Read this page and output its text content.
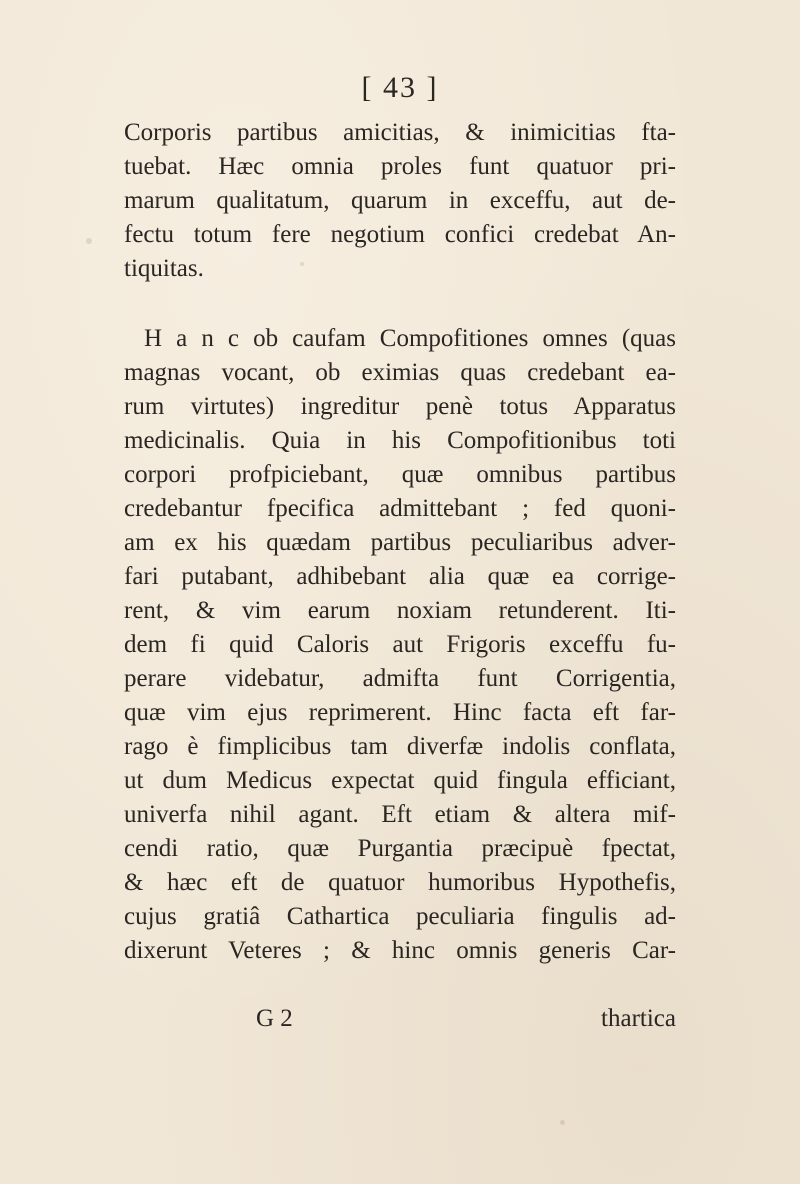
[ 43 ]
Corporis partibus amicitias, & inimicitias fta-
tuebat. Hæc omnia proles funt quatuor pri-
marum qualitatum, quarum in exceffu, aut de-
fectu totum fere negotium confici credebat An-
tiquitas.
H a n c ob caufam Compofitiones omnes (quas
magnas vocant, ob eximias quas credebant ea-
rum virtutes) ingreditur penè totus Apparatus
medicinalis. Quia in his Compofitionibus toti
corpori profpiciebant, quæ omnibus partibus
credebantur fpecifica admittebant ; fed quoni-
am ex his quædam partibus peculiaribus adver-
fari putabant, adhibebant alia quæ ea corrige-
rent, & vim earum noxiam retunderent. Iti-
dem fi quid Caloris aut Frigoris exceffu fu-
perare videbatur, admifta funt Corrigentia,
quæ vim ejus reprimerent. Hinc facta eft far-
rago è fimplicibus tam diverfæ indolis conflata,
ut dum Medicus expectat quid fingula efficiant,
univerfa nihil agant. Eft etiam & altera mif-
cendi ratio, quæ Purgantia præcipuè fpectat,
& hæc eft de quatuor humoribus Hypothefis,
cujus gratiâ Cathartica peculiaria fingulis ad-
dixerunt Veteres ; & hinc omnis generis Car-
G 2	thartica
